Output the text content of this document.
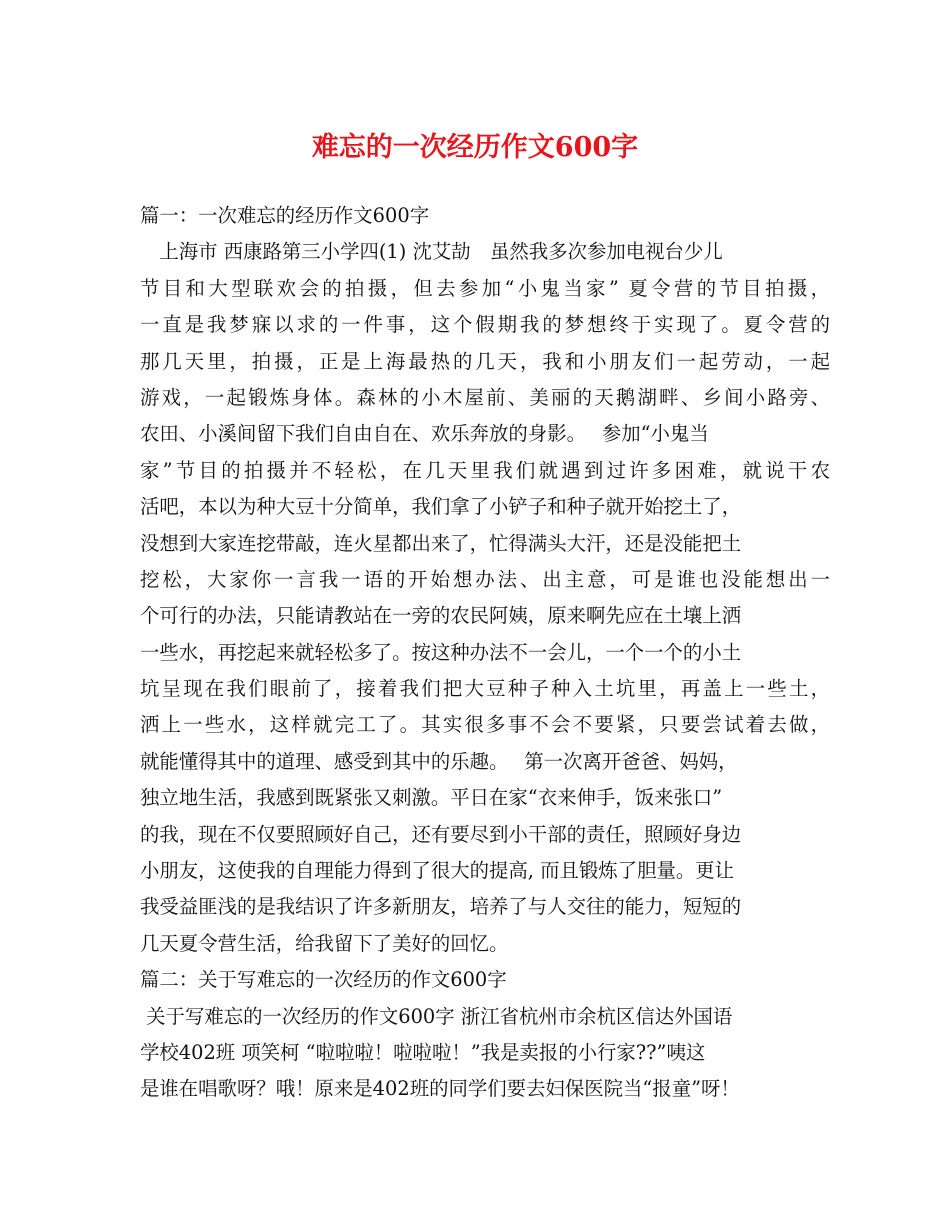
难忘的一次经历作文600字
篇一：一次难忘的经历作文600字
　上海市 西康路第三小学四(1) 沈艾劼　虽然我多次参加电视台少儿
节目和大型联欢会的拍摄，但去参加“小鬼当家” 夏令营的节目拍摄，
一直是我梦寐以求的一件事，这个假期我的梦想终于实现了。夏令营的
那几天里，拍摄，正是上海最热的几天，我和小朋友们一起劳动，一起
游戏，一起锻炼身体。森林的小木屋前、美丽的天鹅湖畔、乡间小路旁、
农田、小溪间留下我们自由自在、欢乐奔放的身影。　 参加“小鬼当
家”节目的拍摄并不轻松，在几天里我们就遇到过许多困难，就说干农
活吧，本以为种大豆十分简单，我们拿了小铲子和种子就开始挖土了，
没想到大家连挖带敲，连火星都出来了，忙得满头大汗，还是没能把土
挖松，大家你一言我一语的开始想办法、出主意，可是谁也没能想出一
个可行的办法，只能请教站在一旁的农民阿姨，原来啊先应在土壤上洒
一些水，再挖起来就轻松多了。按这种办法不一会儿，一个一个的小土
坑呈现在我们眼前了，接着我们把大豆种子种入土坑里，再盖上一些土，
洒上一些水，这样就完工了。其实很多事不会不要紧，只要尝试着去做，
就能懂得其中的道理、感受到其中的乐趣。　 第一次离开爸爸、妈妈，
独立地生活，我感到既紧张又刺激。平日在家“衣来伸手，饭来张口”
的我，现在不仅要照顾好自己，还有要尽到小干部的责任，照顾好身边
小朋友，这使我的自理能力得到了很大的提高, 而且锻炼了胆量。更让
我受益匪浅的是我结识了许多新朋友，培养了与人交往的能力，短短的
几天夏令营生活，给我留下了美好的回忆。
篇二：关于写难忘的一次经历的作文600字
关于写难忘的一次经历的作文600字 浙江省杭州市余杭区信达外国语
学校402班 项笑柯 “啦啦啦！啦啦啦！”我是卖报的小行家??”咦这
是谁在唱歌呀？哦！原来是402班的同学们要去妇保医院当“报童”呀！
